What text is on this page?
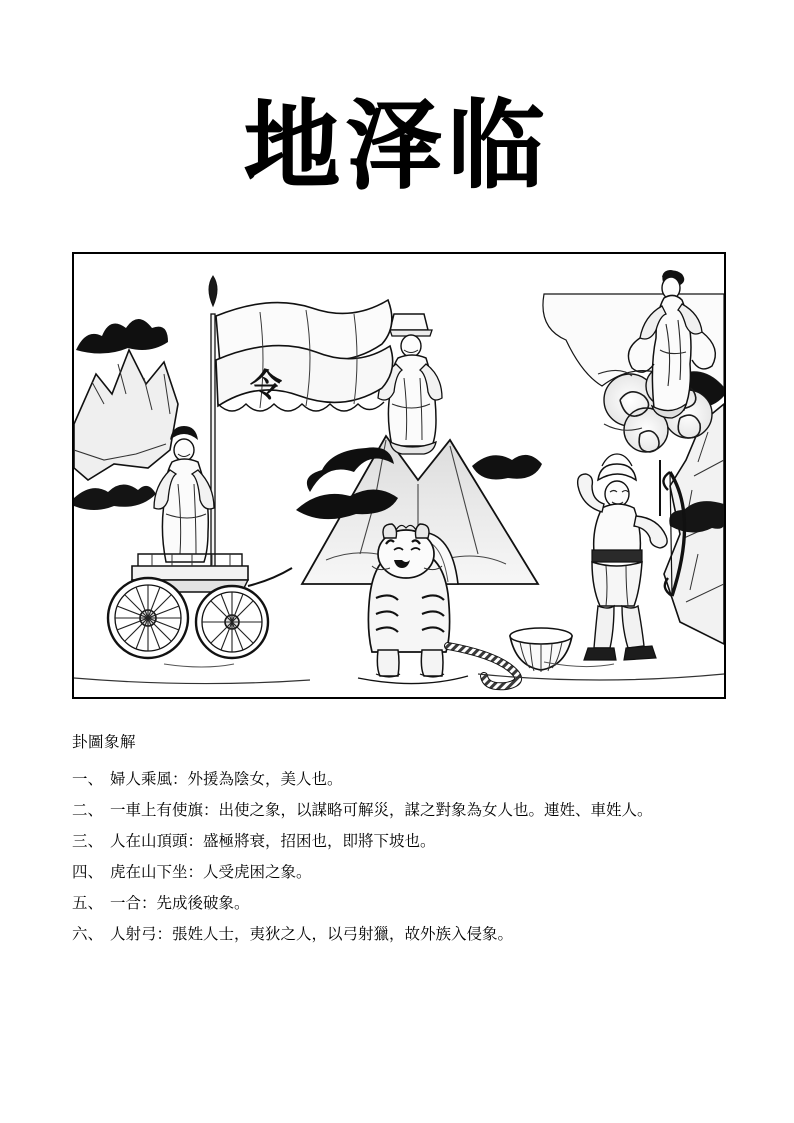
地泽临
令
卦圖象解
一、 婦人乘風：外援為陰女，美人也。
二、 一車上有使旗：出使之象，以謀略可解災，謀之對象為女人也。連姓、車姓人。
三、 人在山頂頭：盛極將衰，招困也，即將下坡也。
四、 虎在山下坐：人受虎困之象。
五、 一合：先成後破象。
六、 人射弓：張姓人士，夷狄之人，以弓射獵，故外族入侵象。
